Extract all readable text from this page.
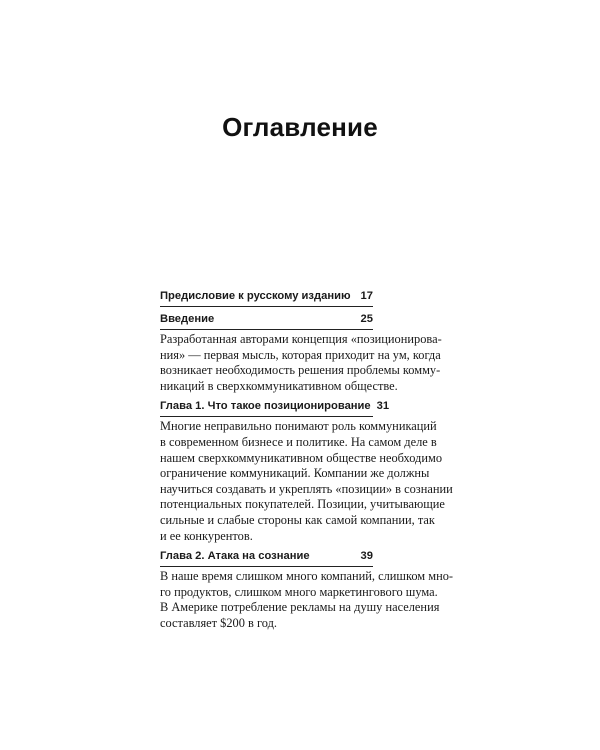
Оглавление
Предисловие к русскому изданию 17
Введение	25

Разработанная авторами концепция «позиционирова-
ния» — первая мысль, которая приходит на ум, когда
возникает необходимость решения проблемы комму-
никаций в сверхкоммуникативном обществе.

Глава 1. Что такое позиционирование 31

Многие неправильно понимают роль коммуникаций
в современном бизнесе и политике. На самом деле в
нашем сверхкоммуникативном обществе необходимо
ограничение коммуникаций. Компании же должны
научиться создавать и укреплять «позиции» в сознании
потенциальных покупателей. Позиции, учитывающие
сильные и слабые стороны как самой компании, так
и ее конкурентов.

Глава 2. Атака на сознание	39

В наше время слишком много компаний, слишком мно-
го продуктов, слишком много маркетингового шума.
В Америке потребление рекламы на душу населения
составляет $200 в год.
